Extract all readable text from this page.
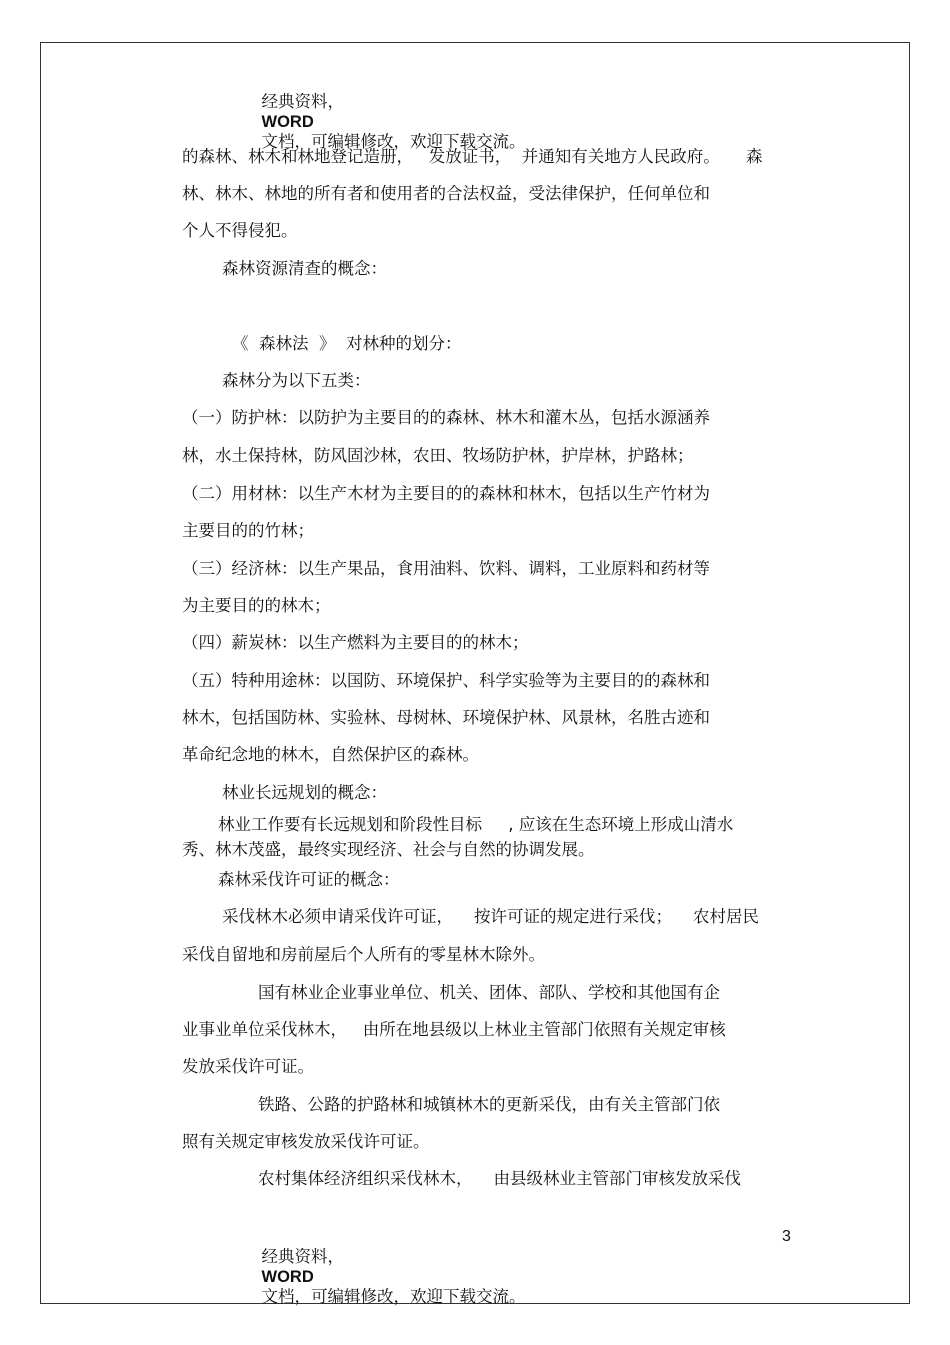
经典资料，
WORD
文档，可编辑修改，欢迎下载交流。

的森林、林木和林地登记造册，   发放证书，  并通知有关地方人民政府。     森
林、林木、林地的所有者和使用者的合法权益，受法律保护，任何单位和
个人不得侵犯。
森林资源清查的概念：
《  森林法  》  对林种的划分：
森林分为以下五类：
（一）防护林：以防护为主要目的的森林、林木和灌木丛，包括水源涵养
林，水土保持林，防风固沙林，农田、牧场防护林，护岸林，护路林；
（二）用材林：以生产木材为主要目的的森林和林木，包括以生产竹材为
主要目的的竹林；
（三）经济林：以生产果品，食用油料、饮料、调料，工业原料和药材等
为主要目的的林木；
（四）薪炭林：以生产燃料为主要目的的林木；
（五）特种用途林：以国防、环境保护、科学实验等为主要目的的森林和
林木，包括国防林、实验林、母树林、环境保护林、风景林，名胜古迹和
革命纪念地的林木，自然保护区的森林。
林业长远规划的概念：
林业工作要有长远规划和阶段性目标     , 应该在生态环境上形成山清水
秀、林木茂盛，最终实现经济、社会与自然的协调发展。
森林采伐许可证的概念：
采伐林木必须申请采伐许可证，    按许可证的规定进行采伐；    农村居民
采伐自留地和房前屋后个人所有的零星林木除外。
国有林业企业事业单位、机关、团体、部队、学校和其他国有企
业事业单位采伐林木，   由所在地县级以上林业主管部门依照有关规定审核
发放采伐许可证。
铁路、公路的护路林和城镇林木的更新采伐，由有关主管部门依
照有关规定审核发放采伐许可证。
农村集体经济组织采伐林木，    由县级林业主管部门审核发放采伐

经典资料，
WORD
文档，可编辑修改，欢迎下载交流。

3
